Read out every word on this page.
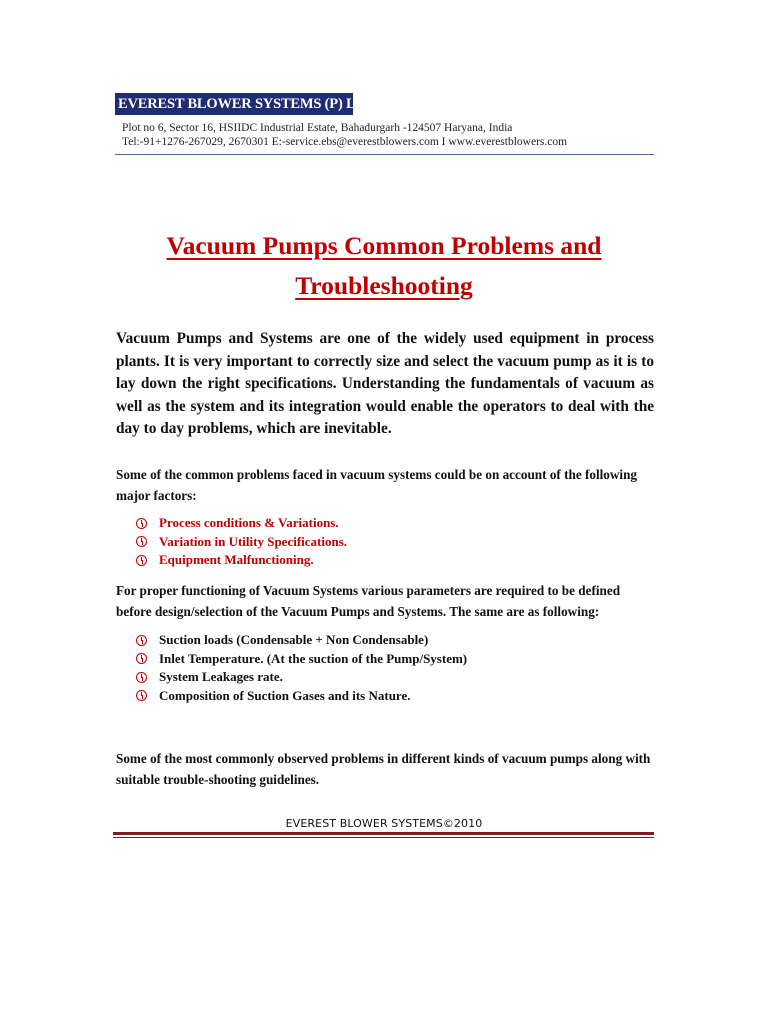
EVEREST BLOWER SYSTEMS (P) LTD.
Plot no 6, Sector 16, HSIIDC Industrial Estate, Bahadurgarh -124507 Haryana, India
Tel:-91+1276-267029, 2670301 E:-service.ebs@everestblowers.com I www.everestblowers.com
Vacuum Pumps Common Problems and
Troubleshooting

Vacuum Pumps and Systems are one of the widely used equipment in process plants. It is very important to correctly size and select the vacuum pump as it is to lay down the right specifications. Understanding the fundamentals of vacuum as well as the system and its integration would enable the operators to deal with the day to day problems, which are inevitable.

Some of the common problems faced in vacuum systems could be on account of the following major factors:

Process conditions & Variations.
Variation in Utility Specifications.
Equipment Malfunctioning.

For proper functioning of Vacuum Systems various parameters are required to be defined before design/selection of the Vacuum Pumps and Systems. The same are as following:

Suction loads (Condensable + Non Condensable)
Inlet Temperature. (At the suction of the Pump/System)
System Leakages rate.
Composition of Suction Gases and its Nature.

Some of the most commonly observed problems in different kinds of vacuum pumps along with suitable trouble-shooting guidelines.

EVEREST BLOWER SYSTEMS©2010
